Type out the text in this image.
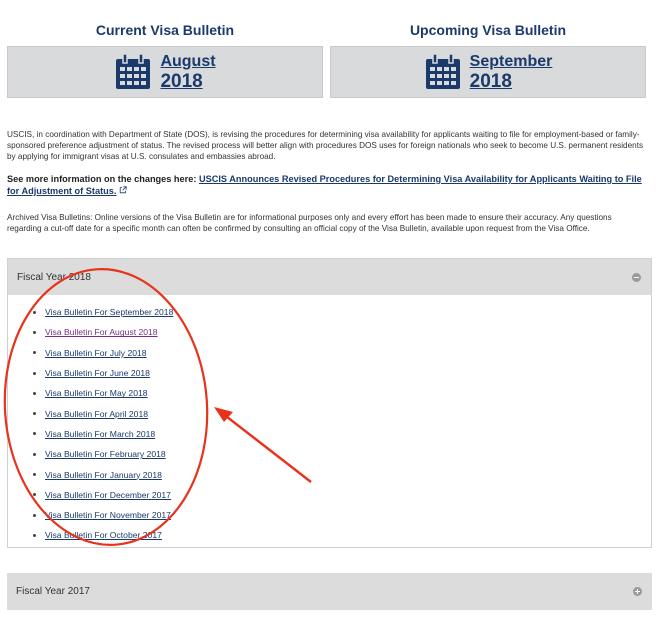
Current Visa Bulletin
August
2018
Upcoming Visa Bulletin
September
2018
USCIS, in coordination with Department of State (DOS), is revising the procedures for determining visa availability for applicants waiting to file for employment-based or family-sponsored preference adjustment of status. The revised process will better align with procedures DOS uses for foreign nationals who seek to become U.S. permanent residents by applying for immigrant visas at U.S. consulates and embassies abroad.
See more information on the changes here: USCIS Announces Revised Procedures for Determining Visa Availability for Applicants Waiting to File for Adjustment of Status.
Archived Visa Bulletins: Online versions of the Visa Bulletin are for informational purposes only and every effort has been made to ensure their accuracy. Any questions regarding a cut-off date for a specific month can often be confirmed by consulting an official copy of the Visa Bulletin, available upon request from the Visa Office.
Fiscal Year 2018
Visa Bulletin For September 2018
Visa Bulletin For August 2018
Visa Bulletin For July 2018
Visa Bulletin For June 2018
Visa Bulletin For May 2018
Visa Bulletin For April 2018
Visa Bulletin For March 2018
Visa Bulletin For February 2018
Visa Bulletin For January 2018
Visa Bulletin For December 2017
Visa Bulletin For November 2017
Visa Bulletin For October 2017
Fiscal Year 2017
